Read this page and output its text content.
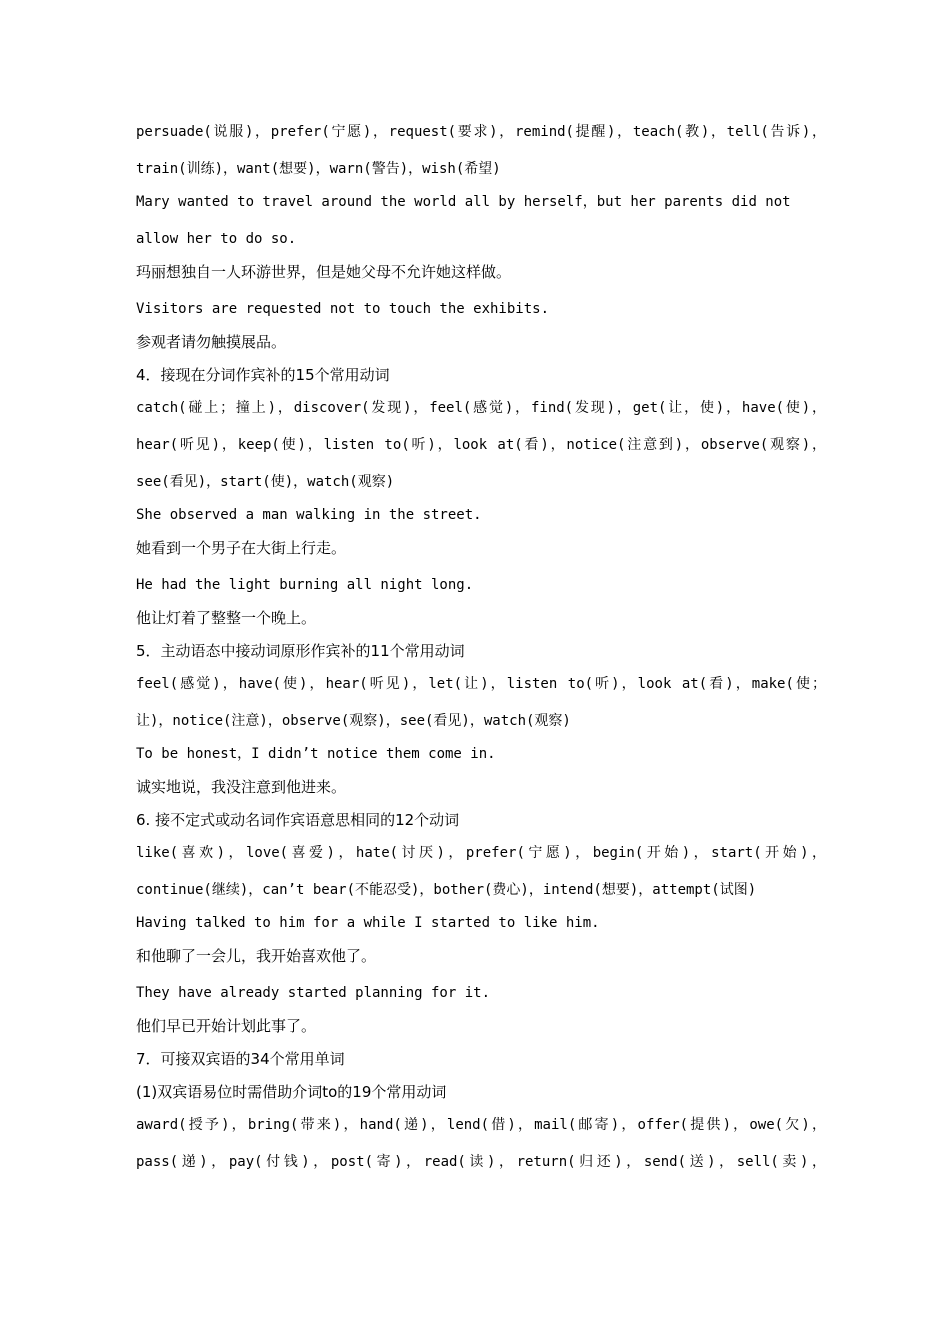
persuade(说服)，prefer(宁愿)，request(要求)，remind(提醒)，teach(教)，tell(告诉)，
train(训练)，want(想要)，warn(警告)，wish(希望)
Mary wanted to travel around the world all by herself，but her parents did not
allow her to do so.
玛丽想独自一人环游世界，但是她父母不允许她这样做。
Visitors are requested not to touch the exhibits.
参观者请勿触摸展品。
4．接现在分词作宾补的15个常用动词
catch(碰上；撞上)，discover(发现)，feel(感觉)，find(发现)，get(让，使)，have(使)，
hear(听见)，keep(使)，listen to(听)，look at(看)，notice(注意到)，observe(观察)，
see(看见)，start(使)，watch(观察)
She observed a man walking in the street.
她看到一个男子在大街上行走。
He had the light burning all night long.
他让灯着了整整一个晚上。
5．主动语态中接动词原形作宾补的11个常用动词
feel(感觉)，have(使)，hear(听见)，let(让)，listen to(听)，look at(看)，make(使；
让)，notice(注意)，observe(观察)，see(看见)，watch(观察)
To be honest，I didn’t notice them come in.
诚实地说，我没注意到他进来。
6. 接不定式或动名词作宾语意思相同的12个动词
like(喜欢)，love(喜爱)，hate(讨厌)，prefer(宁愿)，begin(开始)，start(开始)，
continue(继续)，can’t bear(不能忍受)，bother(费心)，intend(想要)，attempt(试图)
Having talked to him for a while I started to like him.
和他聊了一会儿，我开始喜欢他了。
They have already started planning for it.
他们早已开始计划此事了。
7．可接双宾语的34个常用单词
(1)双宾语易位时需借助介词to的19个常用动词
award(授予)，bring(带来)，hand(递)，lend(借)，mail(邮寄)，offer(提供)，owe(欠)，
pass(递)，pay(付钱)，post(寄)，read(读)，return(归还)，send(送)，sell(卖)，
